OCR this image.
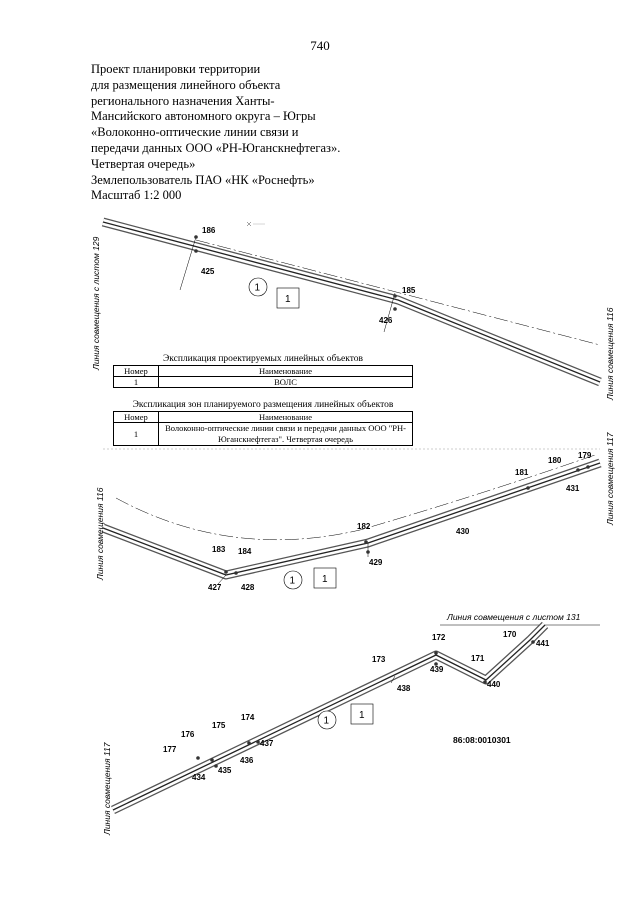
740
Проект планировки территории
для размещения линейного объекта
регионального назначения Ханты-
Мансийского автономного округа – Югры
«Волоконно-оптические линии связи и
передачи данных ООО «РН-Юганскнефтегаз».
Четвертая очередь»
Землепользователь ПАО «НК «Роснефть»
Масштаб 1:2 000
186
425
185
426
1
1
Линия совмещения с листом 129	Линия совмещения 116
183 184
427 428
182
429
430
181
180
179
431
1	1
Линия совмещения 116
Линия совмещения 117
Линия совмещения с листом 131
172
439
171
440
170
441
173
438
174
437
175
176
177
434
435
436
1	1
86:08:0010301
Линия совмещения 117
Экспликация проектируемых линейных объектов
Номер	Наименование
1	ВОЛС
Экспликация зон планируемого размещения линейных объектов
Номер	Наименование
1	Волоконно-оптические линии связи и передачи данных ООО "РН-Юганскнефтегаз". Четвертая очередь
